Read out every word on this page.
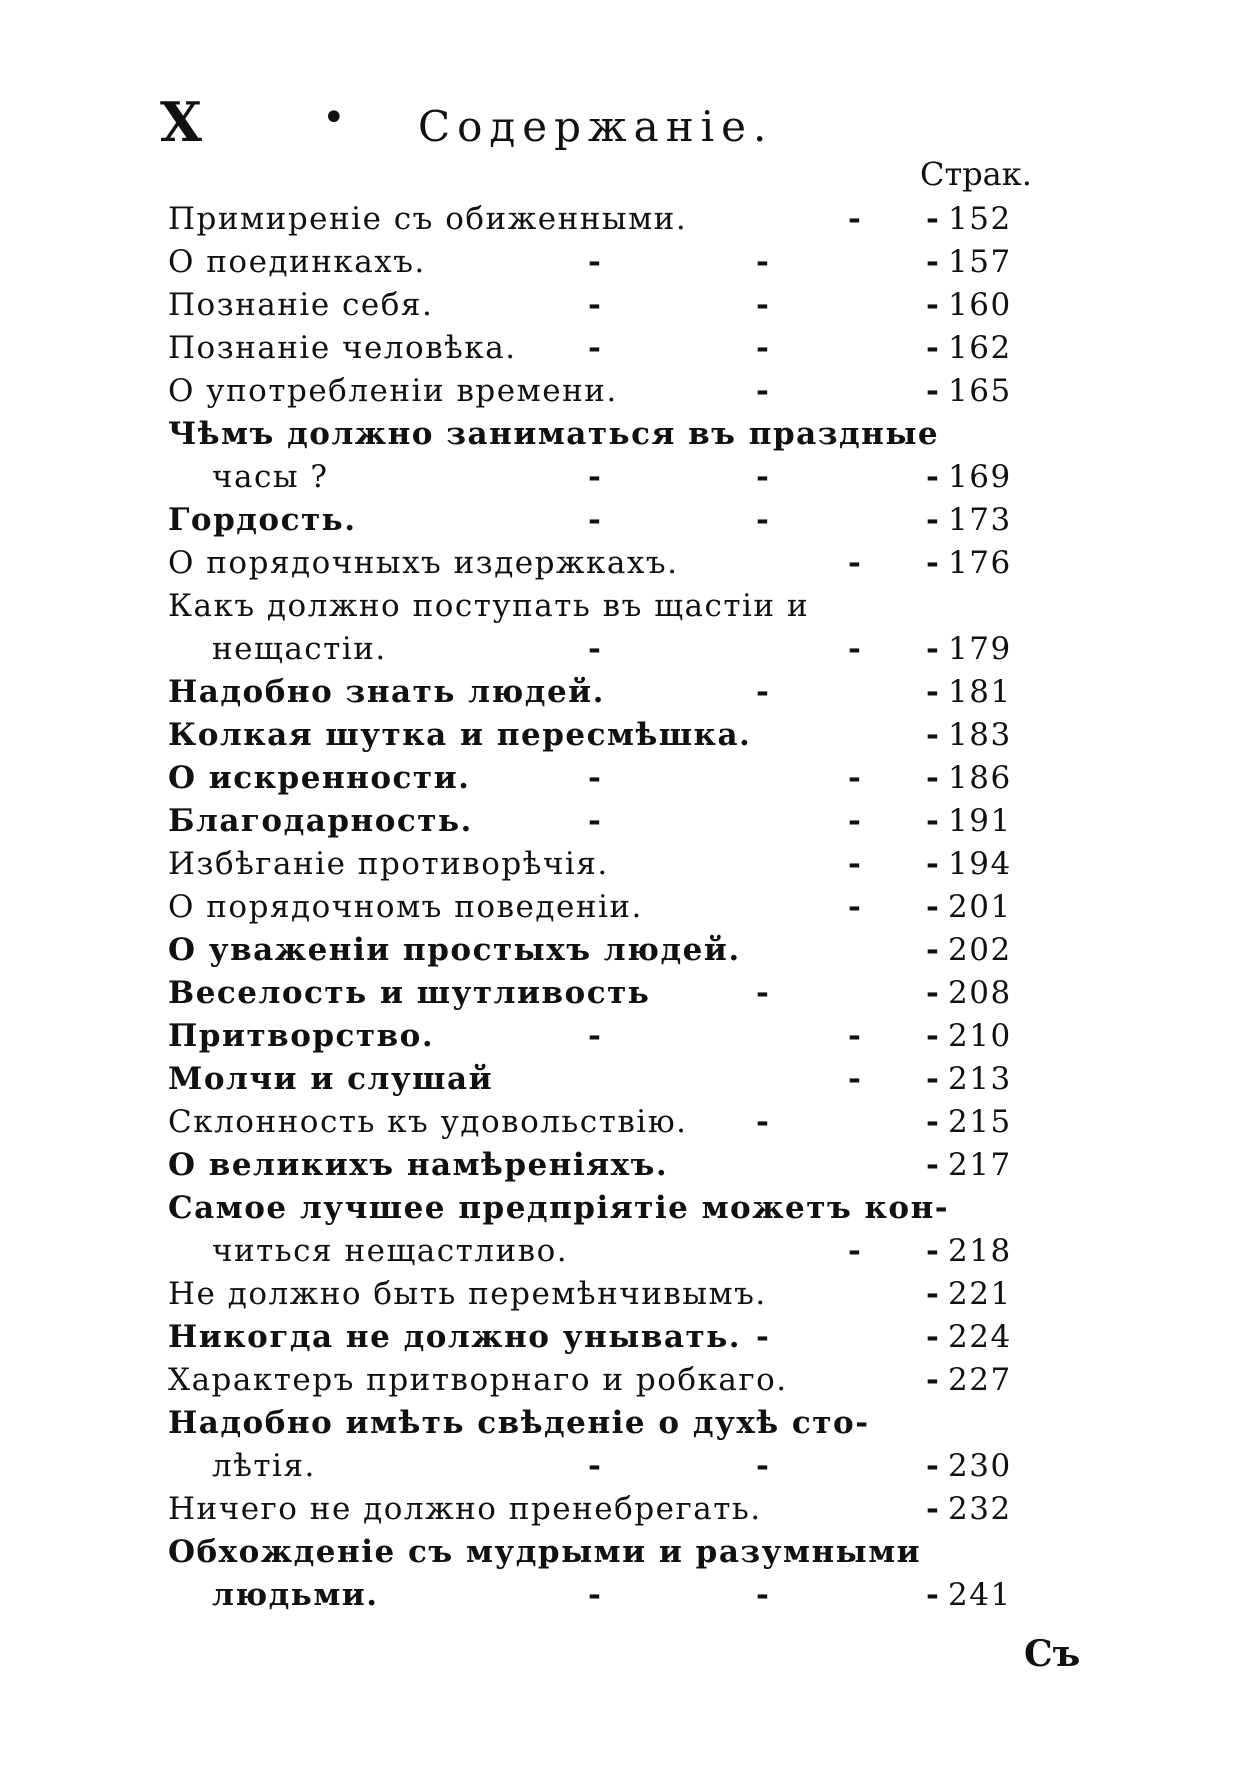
X	• Содержанiе.
Страк.
Примиренiе съ обиженными.	- - 152
О поединкахъ.	-	-	- 157
Познанiе себя.	-	-	- 160
Познанiе человѣка. -	-	- 162
О употребленiи времени.	-	- 165
Чѣмъ должно заниматься въ праздные
часы ?	-	-	- 169
Гордость.	-	-	- 173
О порядочныхъ издержкахъ.	- - 176
Какъ должно поступать въ щастiи и
нещастiи.	-	- - 179
Надобно знать людей.	-	- 181
Колкая шутка и пересмѣшка.	- 183
О искренности.	-	- - 186
Благодарность.	-	- - 191
Избѣганiе противорѣчiя.	- - 194
О порядочномъ поведенiи.	- - 201
О уваженiи простыхъ людей.	- 202
Веселость и шутливость	-	- 208
Притворство.	-	- - 210
Молчи и слушай	- - 213
Склонность къ удовольствiю. -	- 215
О великихъ намѣренiяхъ.	- 217
Самое лучшее предпрiятiе можетъ кон-
читься нещастливо.	- - 218
Не должно быть перемѣнчивымъ.	- 221
Никогда не должно унывать. -	- 224
Характеръ притворнаго и робкаго.	- 227
Надобно имѣть свѣденiе о духѣ сто-
лѣтiя.	-	-	- 230
Ничего не должно пренебрегать.	- 232
Обхожденiе съ мудрыми и разумными
людьми.	-	-	- 241
Съ
